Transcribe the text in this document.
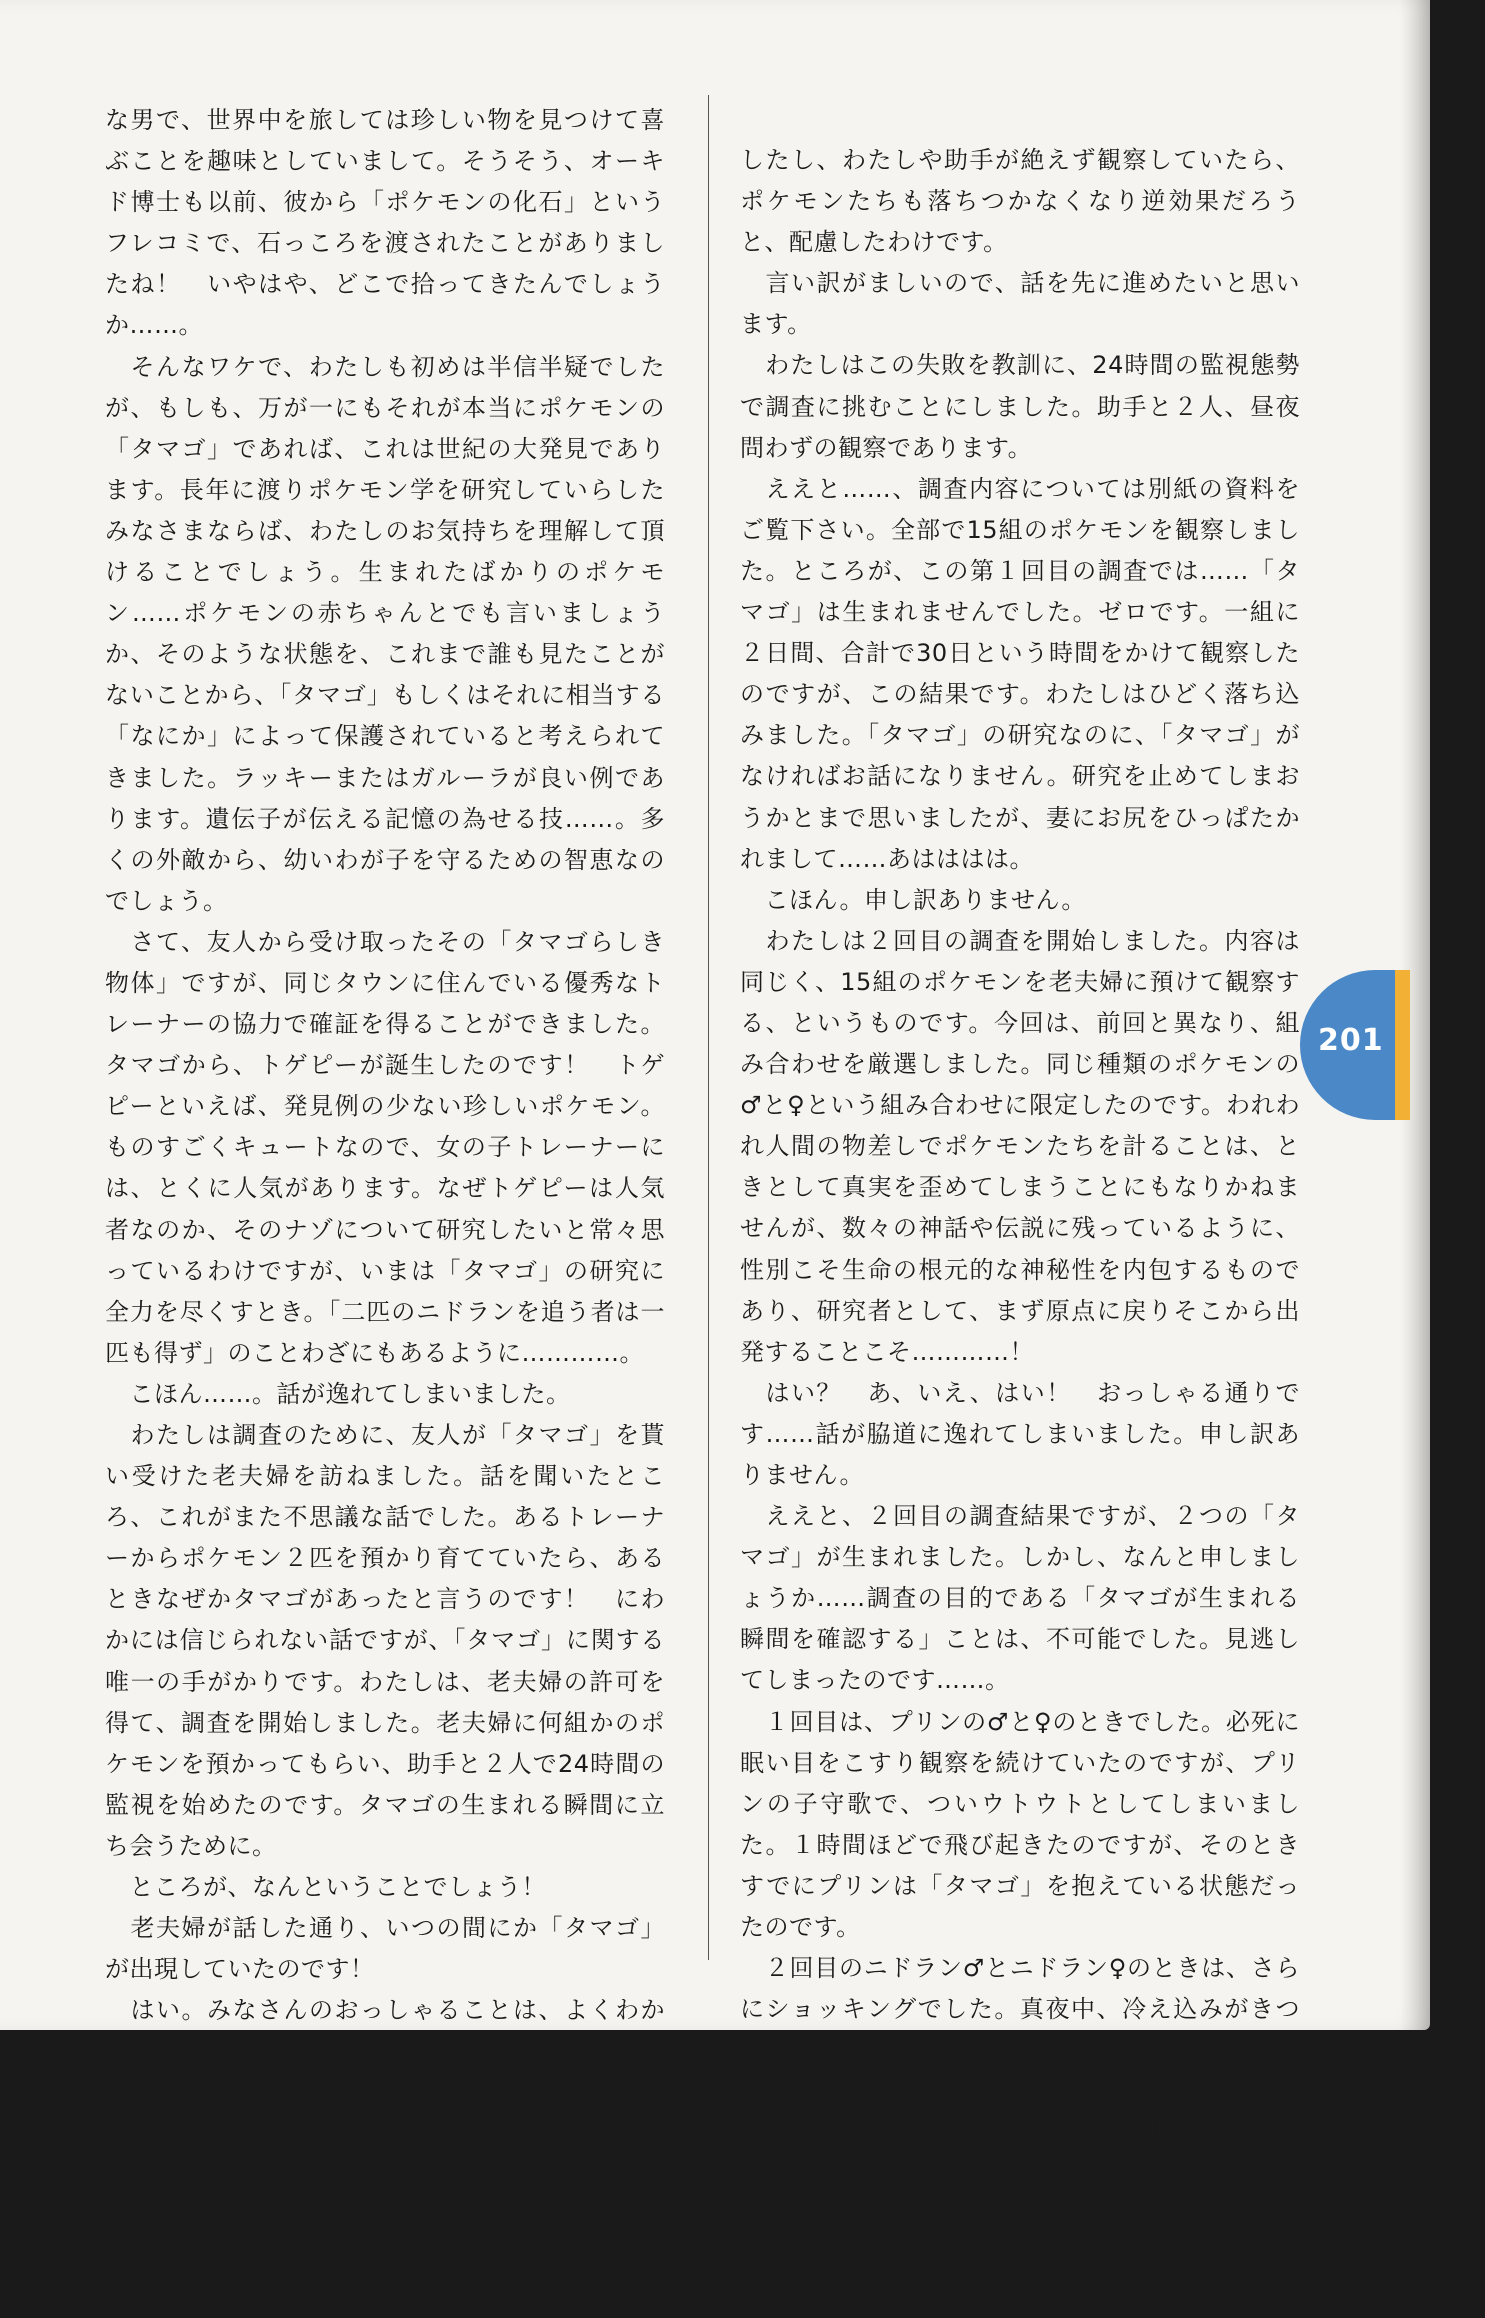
な男で、世界中を旅しては珍しい物を見つけて喜ぶことを趣味としていまして。そうそう、オーキド博士も以前、彼から「ポケモンの化石」というフレコミで、石っころを渡されたことがありましたね！　いやはや、どこで拾ってきたんでしょうか……。

　そんなワケで、わたしも初めは半信半疑でしたが、もしも、万が一にもそれが本当にポケモンの「タマゴ」であれば、これは世紀の大発見であります。長年に渡りポケモン学を研究していらしたみなさまならば、わたしのお気持ちを理解して頂けることでしょう。生まれたばかりのポケモン……ポケモンの赤ちゃんとでも言いましょうか、そのような状態を、これまで誰も見たことがないことから、「タマゴ」もしくはそれに相当する「なにか」によって保護されていると考えられてきました。ラッキーまたはガルーラが良い例であります。遺伝子が伝える記憶の為せる技……。多くの外敵から、幼いわが子を守るための智恵なのでしょう。

　さて、友人から受け取ったその「タマゴらしき物体」ですが、同じタウンに住んでいる優秀なトレーナーの協力で確証を得ることができました。タマゴから、トゲピーが誕生したのです！　トゲピーといえば、発見例の少ない珍しいポケモン。ものすごくキュートなので、女の子トレーナーには、とくに人気があります。なぜトゲピーは人気者なのか、そのナゾについて研究したいと常々思っているわけですが、いまは「タマゴ」の研究に全力を尽くすとき。「二匹のニドランを追う者は一匹も得ず」のことわざにもあるように…………。

　こほん……。話が逸れてしまいました。

　わたしは調査のために、友人が「タマゴ」を貰い受けた老夫婦を訪ねました。話を聞いたところ、これがまた不思議な話でした。あるトレーナーからポケモン２匹を預かり育てていたら、あるときなぜかタマゴがあったと言うのです！　にわかには信じられない話ですが、「タマゴ」に関する唯一の手がかりです。わたしは、老夫婦の許可を得て、調査を開始しました。老夫婦に何組かのポケモンを預かってもらい、助手と２人で24時間の監視を始めたのです。タマゴの生まれる瞬間に立ち会うために。

　ところが、なんということでしょう！

　老夫婦が話した通り、いつの間にか「タマゴ」が出現していたのです！

　はい。みなさんのおっしゃることは、よくわかります。わたしが、なにか重大な見落としをしたのではないだろうか、と……。確かにその通りです。一朝一夕でタマゴが生まれるわけがないと考えていま

したし、わたしや助手が絶えず観察していたら、ポケモンたちも落ちつかなくなり逆効果だろうと、配慮したわけです。

　言い訳がましいので、話を先に進めたいと思います。

　わたしはこの失敗を教訓に、24時間の監視態勢で調査に挑むことにしました。助手と２人、昼夜問わずの観察であります。

　ええと……、調査内容については別紙の資料をご覧下さい。全部で15組のポケモンを観察しました。ところが、この第１回目の調査では……「タマゴ」は生まれませんでした。ゼロです。一組に２日間、合計で30日という時間をかけて観察したのですが、この結果です。わたしはひどく落ち込みました。「タマゴ」の研究なのに、「タマゴ」がなければお話になりません。研究を止めてしまおうかとまで思いましたが、妻にお尻をひっぱたかれまして……あはははは。

　こほん。申し訳ありません。

　わたしは２回目の調査を開始しました。内容は同じく、15組のポケモンを老夫婦に預けて観察する、というものです。今回は、前回と異なり、組み合わせを厳選しました。同じ種類のポケモンの♂と♀という組み合わせに限定したのです。われわれ人間の物差しでポケモンたちを計ることは、ときとして真実を歪めてしまうことにもなりかねませんが、数々の神話や伝説に残っているように、性別こそ生命の根元的な神秘性を内包するものであり、研究者として、まず原点に戻りそこから出発することこそ…………！

　はい？　あ、いえ、はい！　おっしゃる通りです……話が脇道に逸れてしまいました。申し訳ありません。

　ええと、２回目の調査結果ですが、２つの「タマゴ」が生まれました。しかし、なんと申しましょうか……調査の目的である「タマゴが生まれる瞬間を確認する」ことは、不可能でした。見逃してしまったのです……。

　１回目は、プリンの♂と♀のときでした。必死に眠い目をこすり観察を続けていたのですが、プリンの子守歌で、ついウトウトとしてしまいました。１時間ほどで飛び起きたのですが、そのときすでにプリンは「タマゴ」を抱えている状態だったのです。

　２回目のニドラン♂とニドラン♀のときは、さらにショッキングでした。真夜中、冷え込みがきつくなったため、助手がトイレに行ったのです。目を離したのは５分くらいということです。ところが！　あったのです！「タマゴ」が出現していたのです！　それまで、なんの徴候もなかったのに、トイレに行った５分という短い時間にもかかわらず！

　……人間の気配を感じると、おそらく「タマゴ」

201
